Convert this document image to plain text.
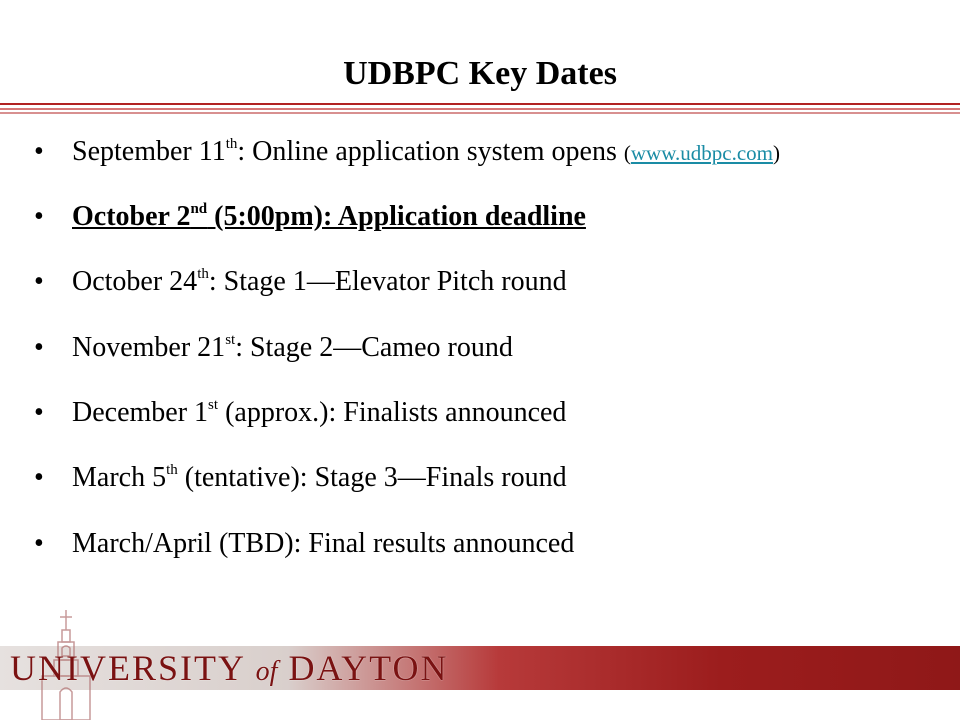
UDBPC Key Dates
• September 11th: Online application system opens (www.udbpc.com)
• October 2nd (5:00pm): Application deadline
• October 24th: Stage 1—Elevator Pitch round
• November 21st: Stage 2—Cameo round
• December 1st (approx.): Finalists announced
• March 5th (tentative): Stage 3—Finals round
• March/April (TBD): Final results announced
UNIVERSITY of DAYTON
